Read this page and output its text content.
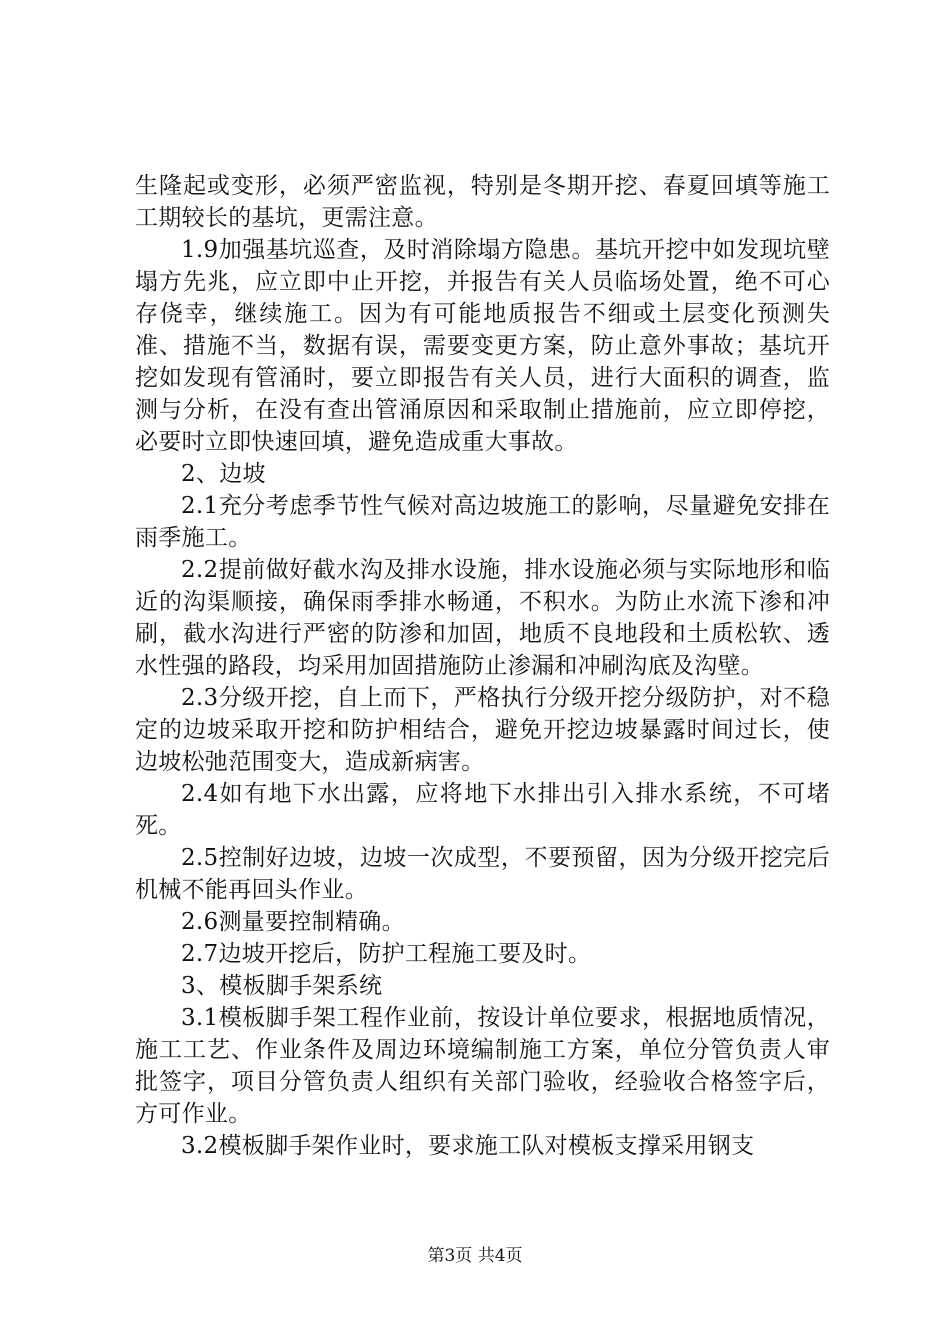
生隆起或变形，必须严密监视，特别是冬期开挖、春夏回填等施工工期较长的基坑，更需注意。

1.9加强基坑巡查，及时消除塌方隐患。基坑开挖中如发现坑壁塌方先兆，应立即中止开挖，并报告有关人员临场处置，绝不可心存侥幸，继续施工。因为有可能地质报告不细或土层变化预测失准、措施不当，数据有误，需要变更方案，防止意外事故；基坑开挖如发现有管涌时，要立即报告有关人员，进行大面积的调查，监测与分析，在没有查出管涌原因和采取制止措施前，应立即停挖，必要时立即快速回填，避免造成重大事故。

2、边坡

2.1充分考虑季节性气候对高边坡施工的影响，尽量避免安排在雨季施工。

2.2提前做好截水沟及排水设施，排水设施必须与实际地形和临近的沟渠顺接，确保雨季排水畅通，不积水。为防止水流下渗和冲刷，截水沟进行严密的防渗和加固，地质不良地段和土质松软、透水性强的路段，均采用加固措施防止渗漏和冲刷沟底及沟壁。

2.3分级开挖，自上而下，严格执行分级开挖分级防护，对不稳定的边坡采取开挖和防护相结合，避免开挖边坡暴露时间过长，使边坡松弛范围变大，造成新病害。

2.4如有地下水出露，应将地下水排出引入排水系统，不可堵死。

2.5控制好边坡，边坡一次成型，不要预留，因为分级开挖完后机械不能再回头作业。

2.6测量要控制精确。

2.7边坡开挖后，防护工程施工要及时。

3、模板脚手架系统

3.1模板脚手架工程作业前，按设计单位要求，根据地质情况，施工工艺、作业条件及周边环境编制施工方案，单位分管负责人审批签字，项目分管负责人组织有关部门验收，经验收合格签字后，方可作业。

3.2模板脚手架作业时，要求施工队对模板支撑采用钢支

第3页 共4页
